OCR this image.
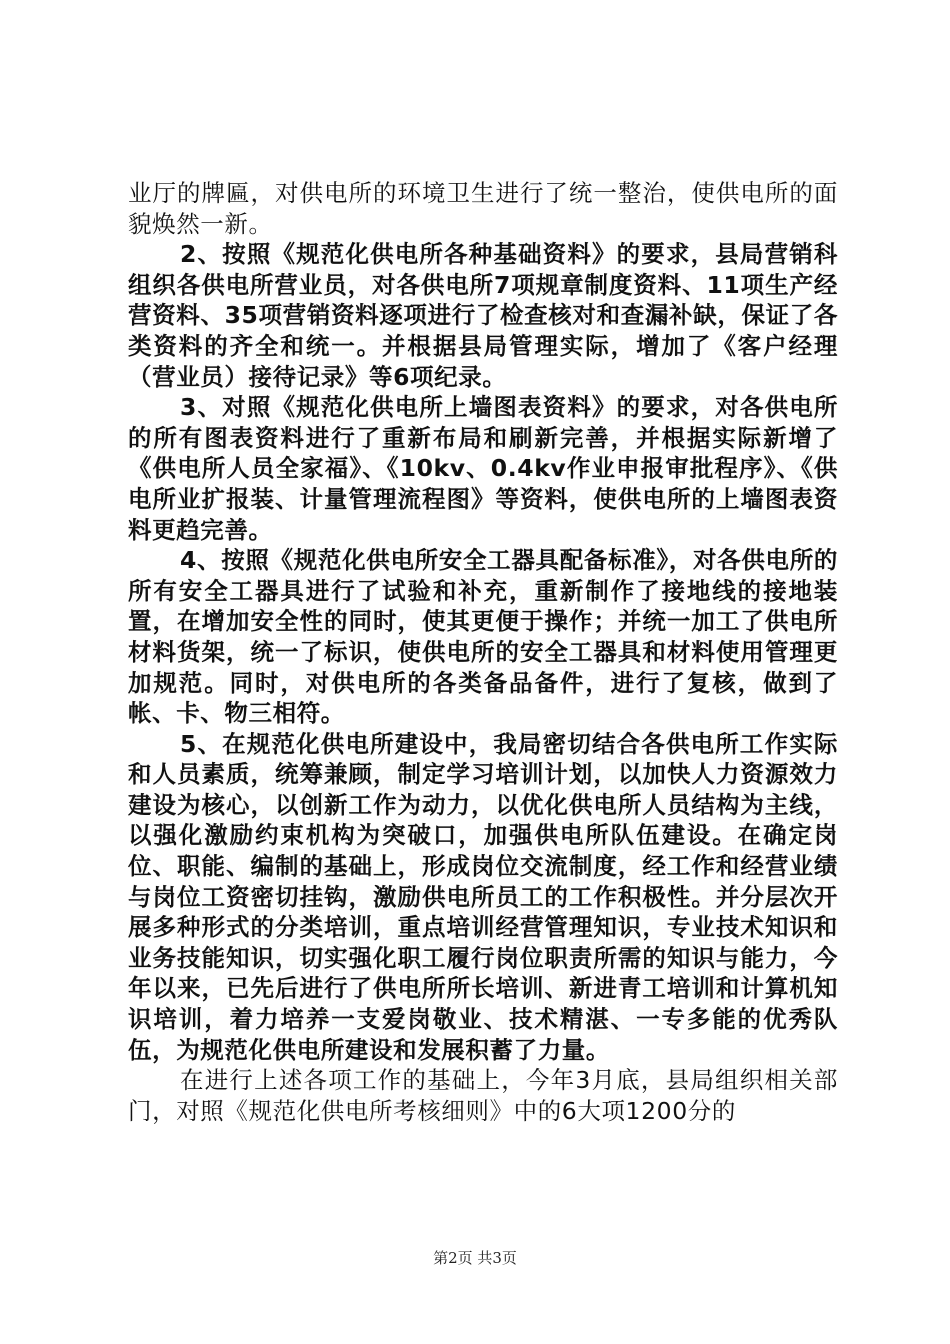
业厅的牌匾，对供电所的环境卫生进行了统一整治，使供电所的面貌焕然一新。

2、按照《规范化供电所各种基础资料》的要求，县局营销科组织各供电所营业员，对各供电所7项规章制度资料、11项生产经营资料、35项营销资料逐项进行了检查核对和查漏补缺，保证了各类资料的齐全和统一。并根据县局管理实际，增加了《客户经理（营业员）接待记录》等6项纪录。

3、对照《规范化供电所上墙图表资料》的要求，对各供电所的所有图表资料进行了重新布局和刷新完善，并根据实际新增了《供电所人员全家福》、《10kv、0.4kv作业申报审批程序》、《供电所业扩报装、计量管理流程图》等资料，使供电所的上墙图表资料更趋完善。

4、按照《规范化供电所安全工器具配备标准》，对各供电所的所有安全工器具进行了试验和补充，重新制作了接地线的接地装置，在增加安全性的同时，使其更便于操作；并统一加工了供电所材料货架，统一了标识，使供电所的安全工器具和材料使用管理更加规范。同时，对供电所的各类备品备件，进行了复核，做到了帐、卡、物三相符。

5、在规范化供电所建设中，我局密切结合各供电所工作实际和人员素质，统筹兼顾，制定学习培训计划，以加快人力资源效力建设为核心，以创新工作为动力，以优化供电所人员结构为主线，以强化激励约束机构为突破口，加强供电所队伍建设。在确定岗位、职能、编制的基础上，形成岗位交流制度，经工作和经营业绩与岗位工资密切挂钩，激励供电所员工的工作积极性。并分层次开展多种形式的分类培训，重点培训经营管理知识，专业技术知识和业务技能知识，切实强化职工履行岗位职责所需的知识与能力，今年以来，已先后进行了供电所所长培训、新进青工培训和计算机知识培训，着力培养一支爱岗敬业、技术精湛、一专多能的优秀队伍，为规范化供电所建设和发展积蓄了力量。

在进行上述各项工作的基础上，今年3月底，县局组织相关部门，对照《规范化供电所考核细则》中的6大项1200分的

第2页 共3页
